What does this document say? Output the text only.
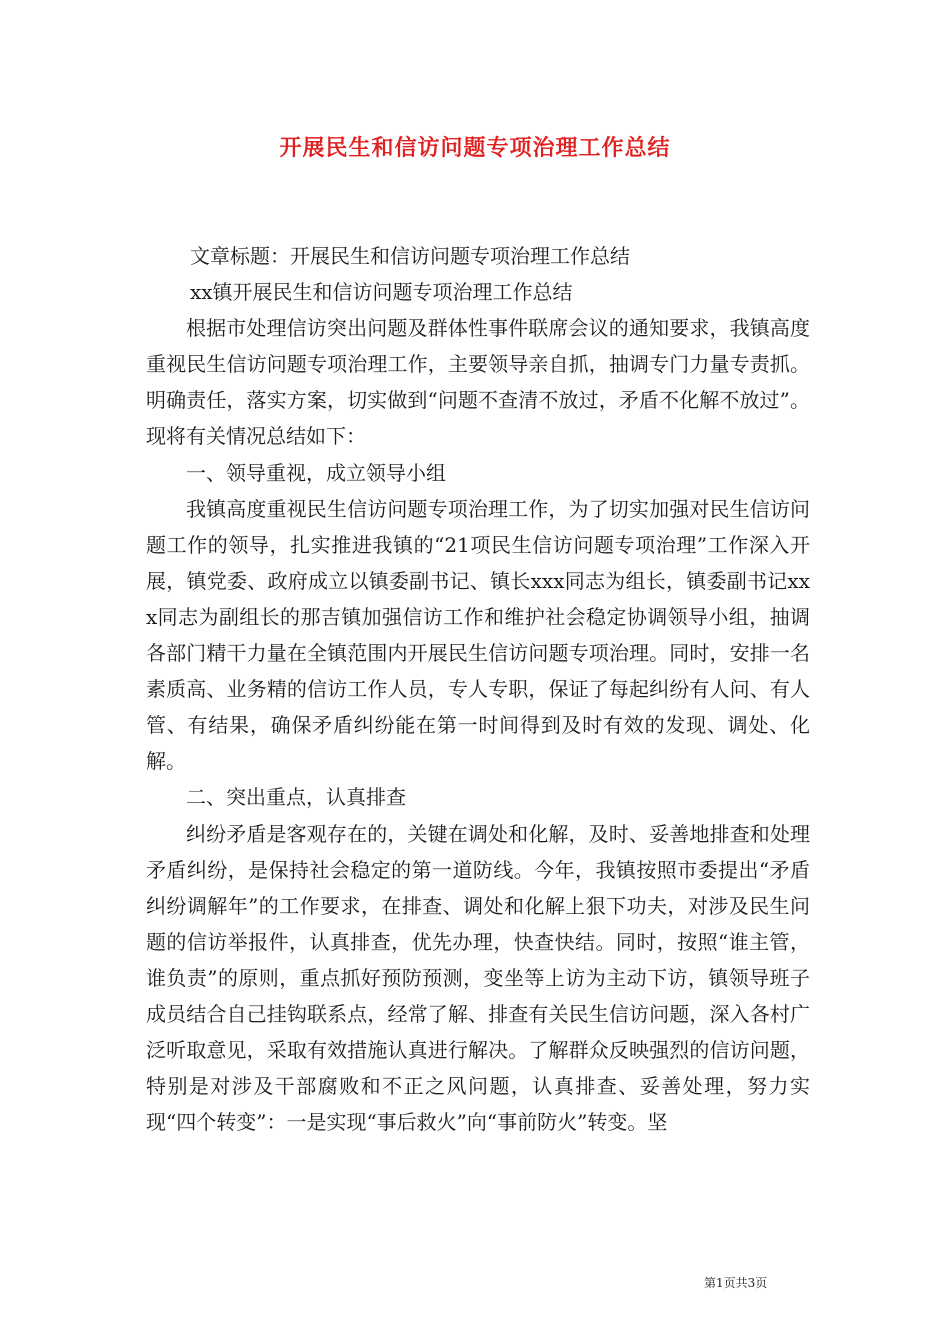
开展民生和信访问题专项治理工作总结

文章标题：开展民生和信访问题专项治理工作总结

xx镇开展民生和信访问题专项治理工作总结

根据市处理信访突出问题及群体性事件联席会议的通知要求，我镇高度重视民生信访问题专项治理工作，主要领导亲自抓，抽调专门力量专责抓。明确责任，落实方案，切实做到“问题不查清不放过，矛盾不化解不放过”。现将有关情况总结如下：

一、领导重视，成立领导小组

我镇高度重视民生信访问题专项治理工作，为了切实加强对民生信访问题工作的领导，扎实推进我镇的“21项民生信访问题专项治理”工作深入开展，镇党委、政府成立以镇委副书记、镇长xxx同志为组长，镇委副书记xxx同志为副组长的那吉镇加强信访工作和维护社会稳定协调领导小组，抽调各部门精干力量在全镇范围内开展民生信访问题专项治理。同时，安排一名素质高、业务精的信访工作人员，专人专职，保证了每起纠纷有人问、有人管、有结果，确保矛盾纠纷能在第一时间得到及时有效的发现、调处、化解。

二、突出重点，认真排查

纠纷矛盾是客观存在的，关键在调处和化解，及时、妥善地排查和处理矛盾纠纷，是保持社会稳定的第一道防线。今年，我镇按照市委提出“矛盾纠纷调解年”的工作要求，在排查、调处和化解上狠下功夫，对涉及民生问题的信访举报件，认真排查，优先办理，快查快结。同时，按照“谁主管，谁负责”的原则，重点抓好预防预测，变坐等上访为主动下访，镇领导班子成员结合自己挂钩联系点，经常了解、排查有关民生信访问题，深入各村广泛听取意见，采取有效措施认真进行解决。了解群众反映强烈的信访问题，特别是对涉及干部腐败和不正之风问题，认真排查、妥善处理，努力实现“四个转变”：一是实现“事后救火”向“事前防火”转变。坚

第1页共3页
